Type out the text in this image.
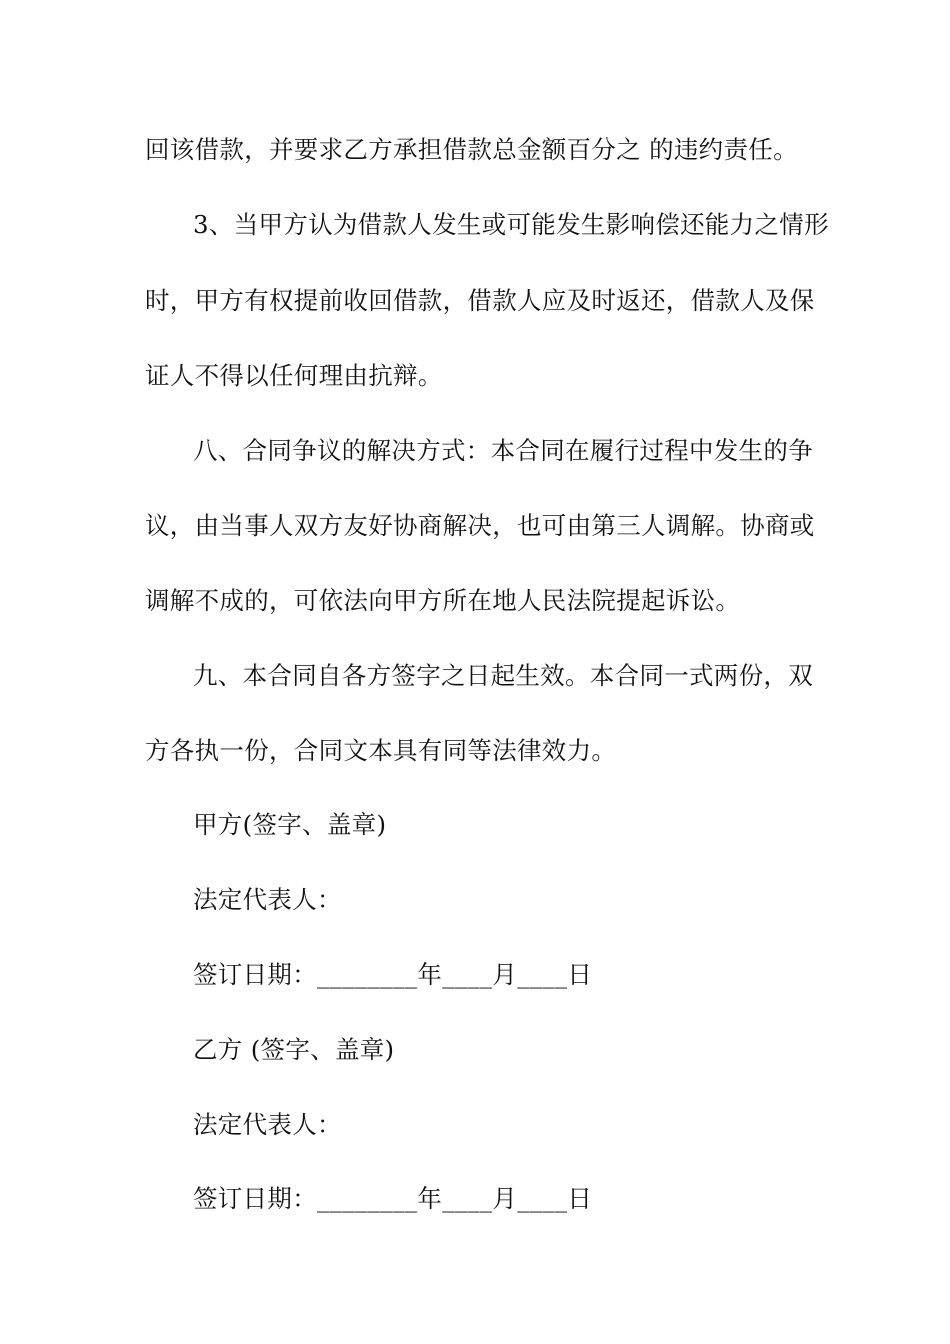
回该借款，并要求乙方承担借款总金额百分之 的违约责任。
3、当甲方认为借款人发生或可能发生影响偿还能力之情形
时，甲方有权提前收回借款，借款人应及时返还，借款人及保
证人不得以任何理由抗辩。
八、合同争议的解决方式：本合同在履行过程中发生的争
议，由当事人双方友好协商解决，也可由第三人调解。协商或
调解不成的，可依法向甲方所在地人民法院提起诉讼。
九、本合同自各方签字之日起生效。本合同一式两份，双
方各执一份，合同文本具有同等法律效力。
甲方(签字、盖章)
法定代表人：
签订日期：________年____月____日
乙方 (签字、盖章)
法定代表人：
签订日期：________年____月____日
